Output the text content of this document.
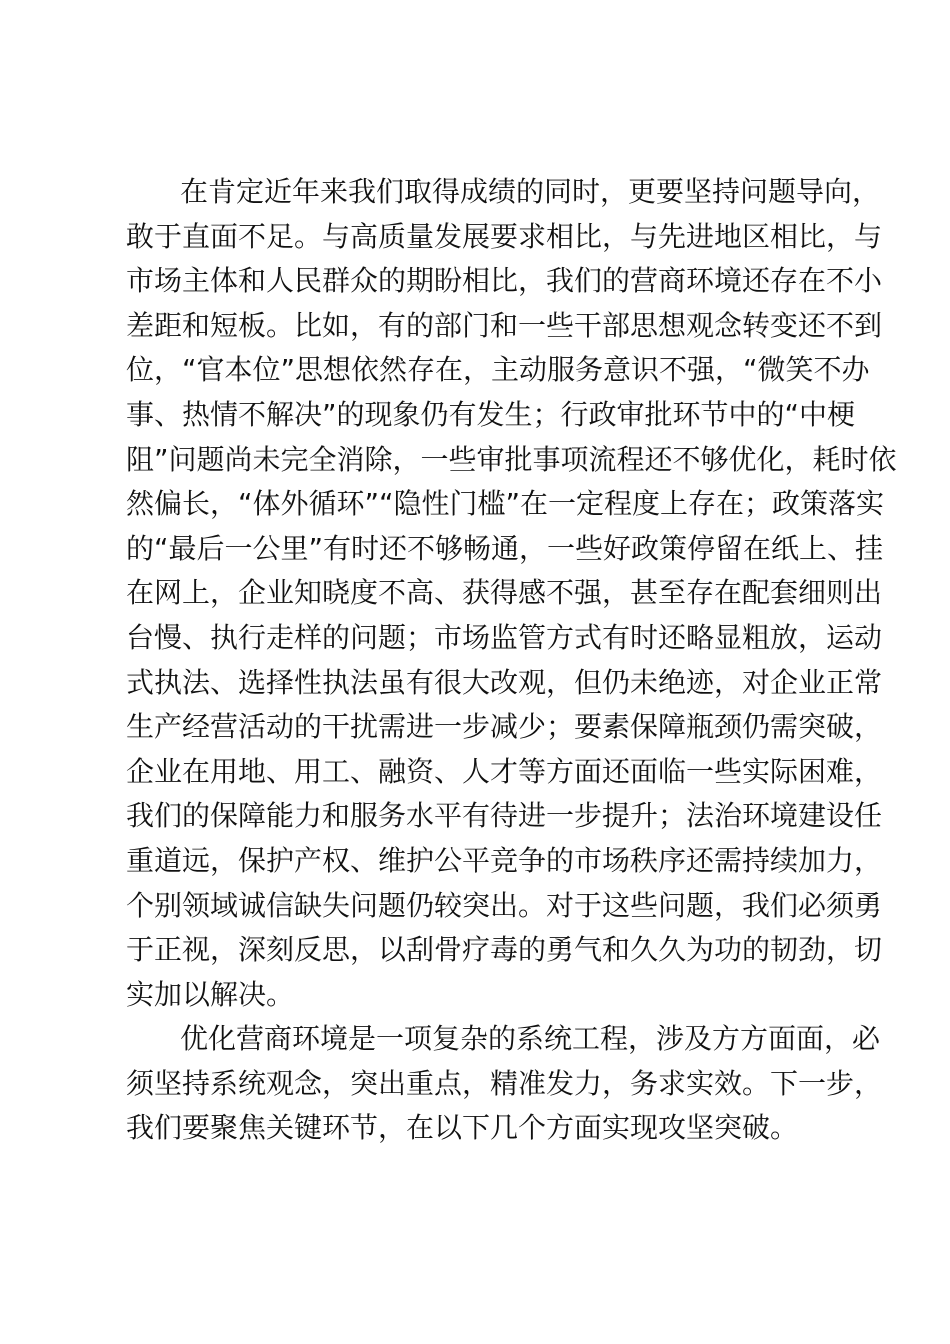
在肯定近年来我们取得成绩的同时，更要坚持问题导向，
敢于直面不足。与高质量发展要求相比，与先进地区相比，与
市场主体和人民群众的期盼相比，我们的营商环境还存在不小
差距和短板。比如，有的部门和一些干部思想观念转变还不到
位，“官本位”思想依然存在，主动服务意识不强，“微笑不办
事、热情不解决”的现象仍有发生；行政审批环节中的“中梗
阻”问题尚未完全消除，一些审批事项流程还不够优化，耗时依
然偏长，“体外循环”“隐性门槛”在一定程度上存在；政策落实
的“最后一公里”有时还不够畅通，一些好政策停留在纸上、挂
在网上，企业知晓度不高、获得感不强，甚至存在配套细则出
台慢、执行走样的问题；市场监管方式有时还略显粗放，运动
式执法、选择性执法虽有很大改观，但仍未绝迹，对企业正常
生产经营活动的干扰需进一步减少；要素保障瓶颈仍需突破，
企业在用地、用工、融资、人才等方面还面临一些实际困难，
我们的保障能力和服务水平有待进一步提升；法治环境建设任
重道远，保护产权、维护公平竞争的市场秩序还需持续加力，
个别领域诚信缺失问题仍较突出。对于这些问题，我们必须勇
于正视，深刻反思，以刮骨疗毒的勇气和久久为功的韧劲，切
实加以解决。
优化营商环境是一项复杂的系统工程，涉及方方面面，必
须坚持系统观念，突出重点，精准发力，务求实效。下一步，
我们要聚焦关键环节，在以下几个方面实现攻坚突破。
